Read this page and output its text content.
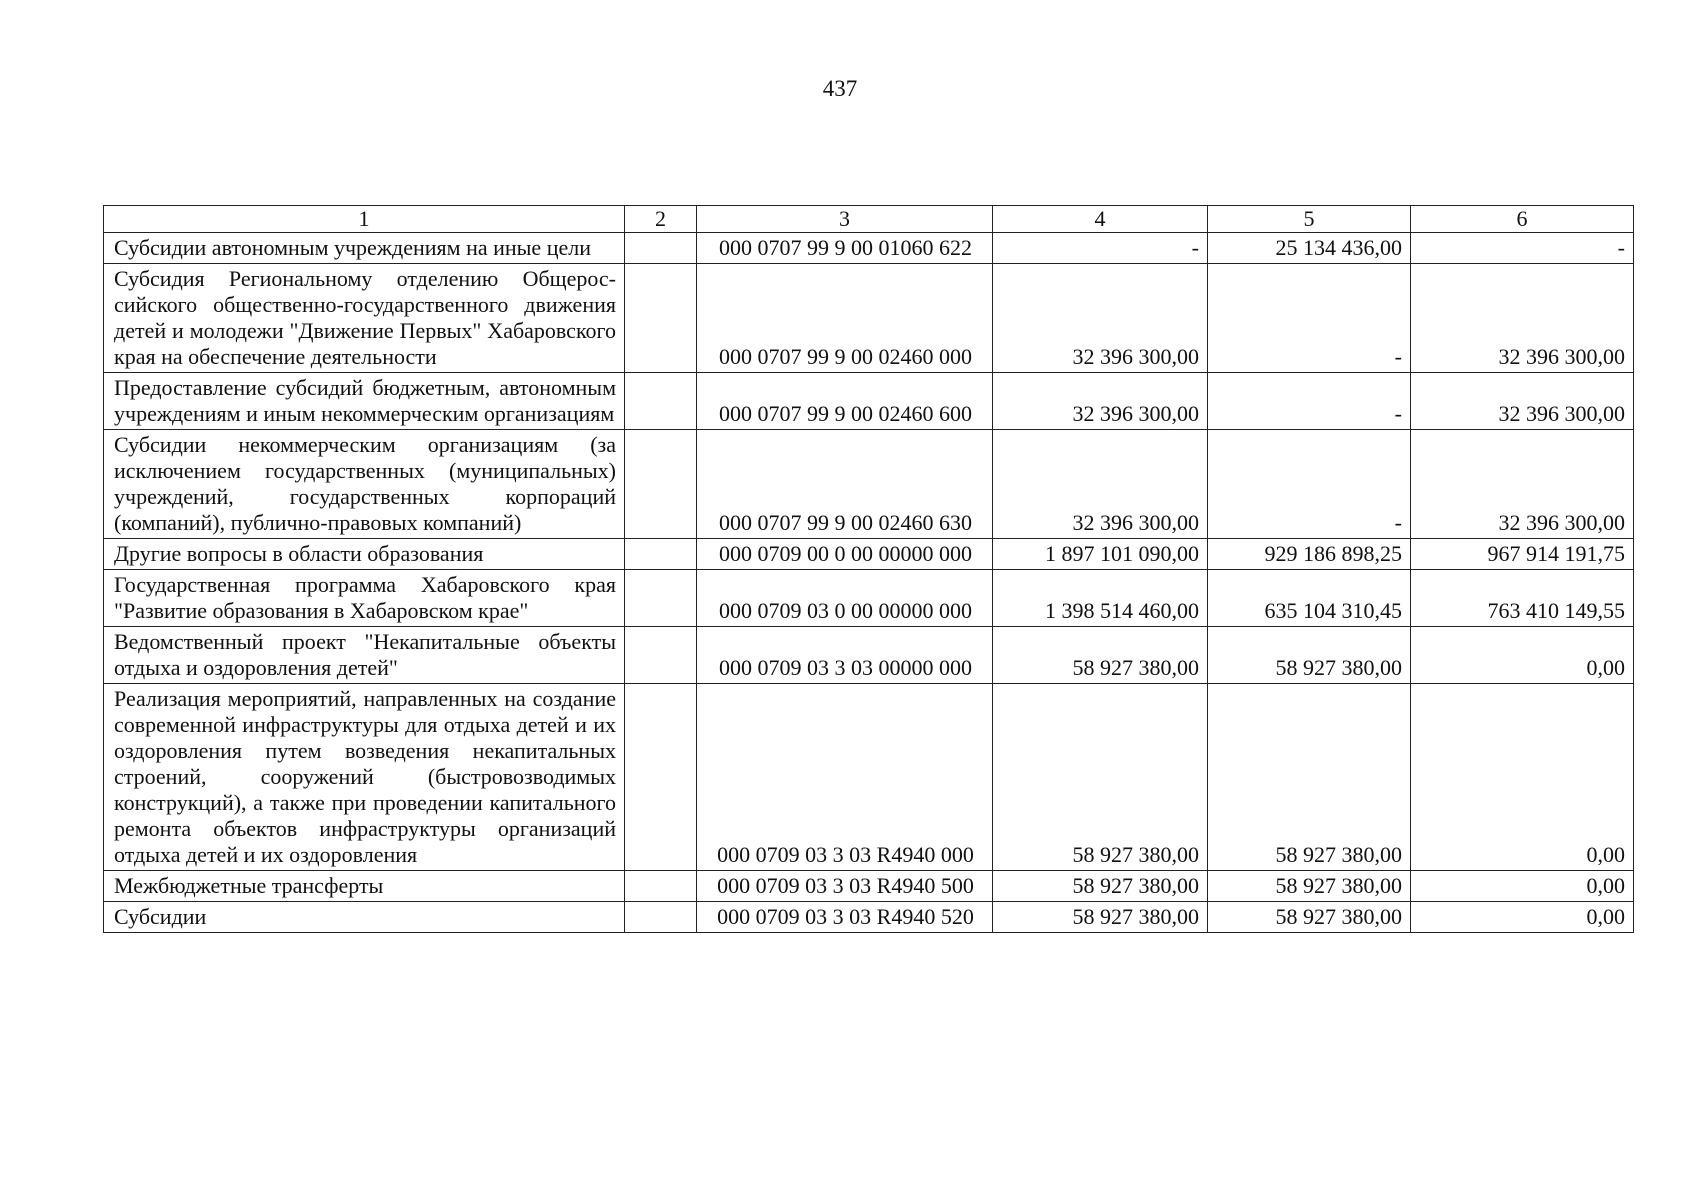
437
1	2	3	4	5	6
Субсидии автономным учреждениям на иные цели		000 0707 99 9 00 01060 622	-	25 134 436,00	-
Субсидия Региональному отделению Общероссийского общественно-государственного движения детей и молодежи "Движение Первых" Хабаровского края на обеспечение деятельности		000 0707 99 9 00 02460 000	32 396 300,00	-	32 396 300,00
Предоставление субсидий бюджетным, автономным учреждениям и иным некоммерческим организациям		000 0707 99 9 00 02460 600	32 396 300,00	-	32 396 300,00
Субсидии некоммерческим организациям (за исключением государственных (муниципальных) учреждений, государственных корпораций (компаний), публично-правовых компаний)		000 0707 99 9 00 02460 630	32 396 300,00	-	32 396 300,00
Другие вопросы в области образования		000 0709 00 0 00 00000 000	1 897 101 090,00	929 186 898,25	967 914 191,75
Государственная программа Хабаровского края "Развитие образования в Хабаровском крае"		000 0709 03 0 00 00000 000	1 398 514 460,00	635 104 310,45	763 410 149,55
Ведомственный проект "Некапитальные объекты отдыха и оздоровления детей"		000 0709 03 3 03 00000 000	58 927 380,00	58 927 380,00	0,00
Реализация мероприятий, направленных на создание современной инфраструктуры для отдыха детей и их оздоровления путем возведения некапитальных строений, сооружений (быстровозводимых конструкций), а также при проведении капитального ремонта объектов инфраструктуры организаций отдыха детей и их оздоровления		000 0709 03 3 03 R4940 000	58 927 380,00	58 927 380,00	0,00
Межбюджетные трансферты		000 0709 03 3 03 R4940 500	58 927 380,00	58 927 380,00	0,00
Субсидии		000 0709 03 3 03 R4940 520	58 927 380,00	58 927 380,00	0,00
